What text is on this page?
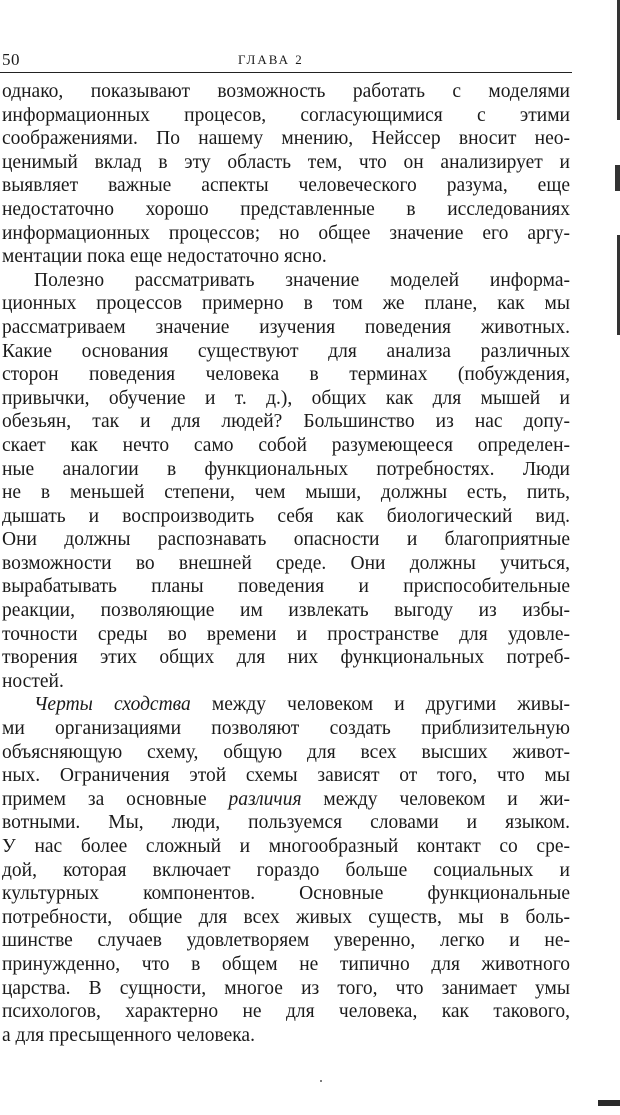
50	ГЛАВА 2
однако, показывают возможность работать с моделями
информационных процесов, согласующимися с этими
соображениями. По нашему мнению, Нейссер вносит нео-
ценимый вклад в эту область тем, что он анализирует и
выявляет важные аспекты человеческого разума, еще
недостаточно хорошо представленные в исследованиях
информационных процессов; но общее значение его аргу-
ментации пока еще недостаточно ясно.
Полезно рассматривать значение моделей информа-
ционных процессов примерно в том же плане, как мы
рассматриваем значение изучения поведения животных.
Какие основания существуют для анализа различных
сторон поведения человека в терминах (побуждения,
привычки, обучение и т. д.), общих как для мышей и
обезьян, так и для людей? Большинство из нас допу-
скает как нечто само собой разумеющееся определен-
ные аналогии в функциональных потребностях. Люди
не в меньшей степени, чем мыши, должны есть, пить,
дышать и воспроизводить себя как биологический вид.
Они должны распознавать опасности и благоприятные
возможности во внешней среде. Они должны учиться,
вырабатывать планы поведения и приспособительные
реакции, позволяющие им извлекать выгоду из избы-
точности среды во времени и пространстве для удовле-
творения этих общих для них функциональных потреб-
ностей.
Черты сходства между человеком и другими живы-
ми организациями позволяют создать приблизительную
объясняющую схему, общую для всех высших живот-
ных. Ограничения этой схемы зависят от того, что мы
примем за основные различия между человеком и жи-
вотными. Мы, люди, пользуемся словами и языком.
У нас более сложный и многообразный контакт со сре-
дой, которая включает гораздо больше социальных и
культурных компонентов. Основные функциональные
потребности, общие для всех живых существ, мы в боль-
шинстве случаев удовлетворяем уверенно, легко и не-
принужденно, что в общем не типично для животного
царства. В сущности, многое из того, что занимает умы
психологов, характерно не для человека, как такового,
а для пресыщенного человека.
